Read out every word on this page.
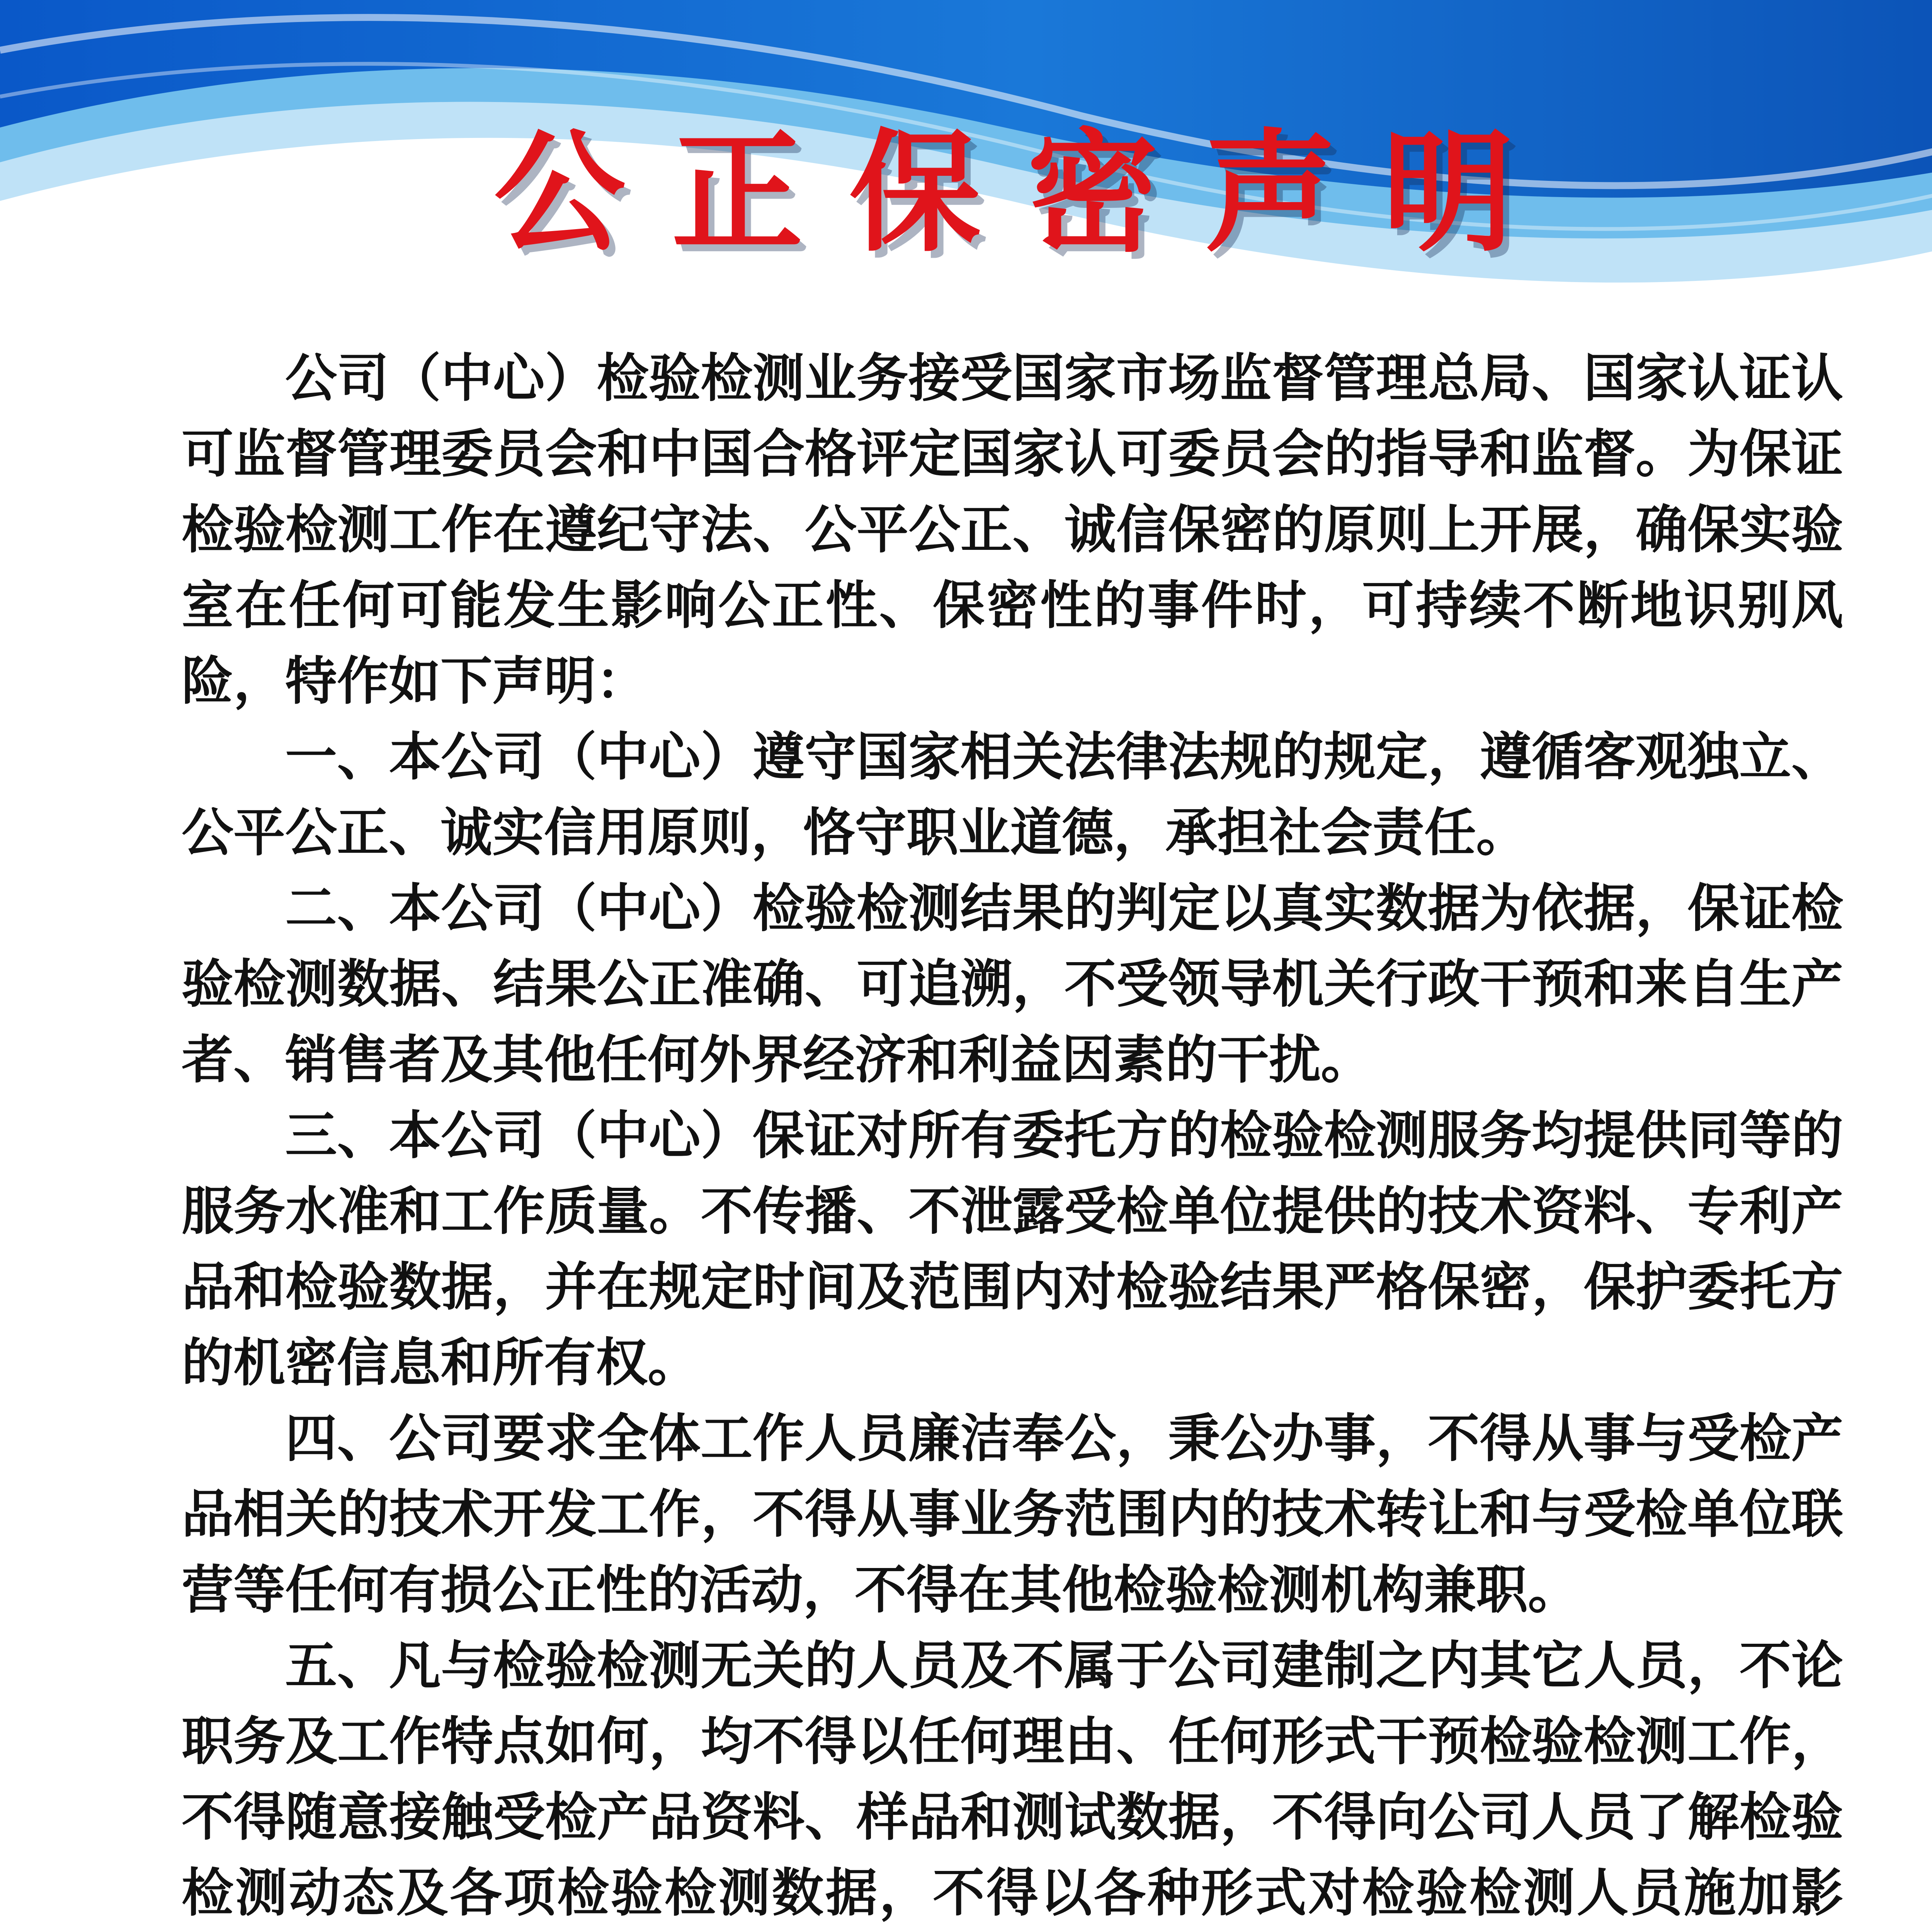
公正保密声明

公司（中心）检验检测业务接受国家市场监督管理总局、国家认证认可监督管理委员会和中国合格评定国家认可委员会的指导和监督。为保证检验检测工作在遵纪守法、公平公正、诚信保密的原则上开展，确保实验室在任何可能发生影响公正性、保密性的事件时，可持续不断地识别风险，特作如下声明：

一、本公司（中心）遵守国家相关法律法规的规定，遵循客观独立、公平公正、诚实信用原则，恪守职业道德，承担社会责任。

二、本公司（中心）检验检测结果的判定以真实数据为依据，保证检验检测数据、结果公正准确、可追溯，不受领导机关行政干预和来自生产者、销售者及其他任何外界经济和利益因素的干扰。

三、本公司（中心）保证对所有委托方的检验检测服务均提供同等的服务水准和工作质量。不传播、不泄露受检单位提供的技术资料、专利产品和检验数据，并在规定时间及范围内对检验结果严格保密，保护委托方的机密信息和所有权。

四、公司要求全体工作人员廉洁奉公，秉公办事，不得从事与受检产品相关的技术开发工作，不得从事业务范围内的技术转让和与受检单位联营等任何有损公正性的活动，不得在其他检验检测机构兼职。

五、凡与检验检测无关的人员及不属于公司建制之内其它人员，不论职务及工作特点如何，均不得以任何理由、任何形式干预检验检测工作，不得随意接触受检产品资料、样品和测试数据，不得向公司人员了解检验检测动态及各项检验检测数据，不得以各种形式对检验检测人员施加影
